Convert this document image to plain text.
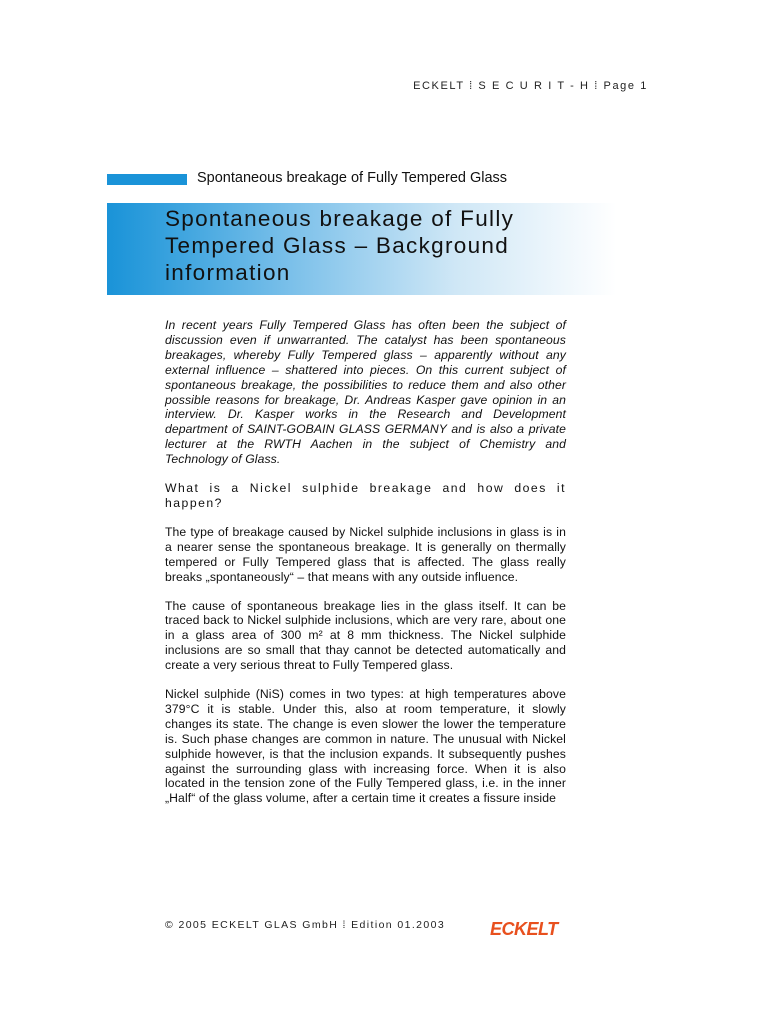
ECKELT ⁞ S E C U R I T - H ⁞ Page 1
Spontaneous breakage of Fully Tempered Glass
Spontaneous breakage of Fully
Tempered Glass – Background
information

In recent years Fully Tempered Glass has often been the subject of discussion even if unwarranted. The catalyst has been spontaneous breakages, whereby Fully Tempered glass – apparently without any external influence – shattered into pieces. On this current subject of spontaneous breakage, the possibilities to reduce them and also other possible reasons for breakage, Dr. Andreas Kasper gave opinion in an interview. Dr. Kasper works in the Research and Development department of SAINT-GOBAIN GLASS GERMANY and is also a private lecturer at the RWTH Aachen in the subject of Chemistry and Technology of Glass.

What is a Nickel sulphide breakage and how does it happen?

The type of breakage caused by Nickel sulphide inclusions in glass is in a nearer sense the spontaneous breakage. It is generally on thermally tempered or Fully Tempered glass that is affected. The glass really breaks „spontaneously“ – that means with any outside influence.

The cause of spontaneous breakage lies in the glass itself. It can be traced back to Nickel sulphide inclusions, which are very rare, about one in a glass area of 300 m² at 8 mm thickness. The Nickel sulphide inclusions are so small that thay cannot be detected automatically and create a very serious threat to Fully Tempered glass.

Nickel sulphide (NiS) comes in two types: at high temperatures above 379°C it is stable. Under this, also at room temperature, it slowly changes its state. The change is even slower the lower the temperature is. Such phase changes are common in nature. The unusual with Nickel sulphide however, is that the inclusion expands. It subsequently pushes against the surrounding glass with increasing force. When it is also located in the tension zone of the Fully Tempered glass, i.e. in the inner „Half“ of the glass volume, after a certain time it creates a fissure inside

© 2005 ECKELT GLAS GmbH ⁞ Edition 01.2003 ECKELT
